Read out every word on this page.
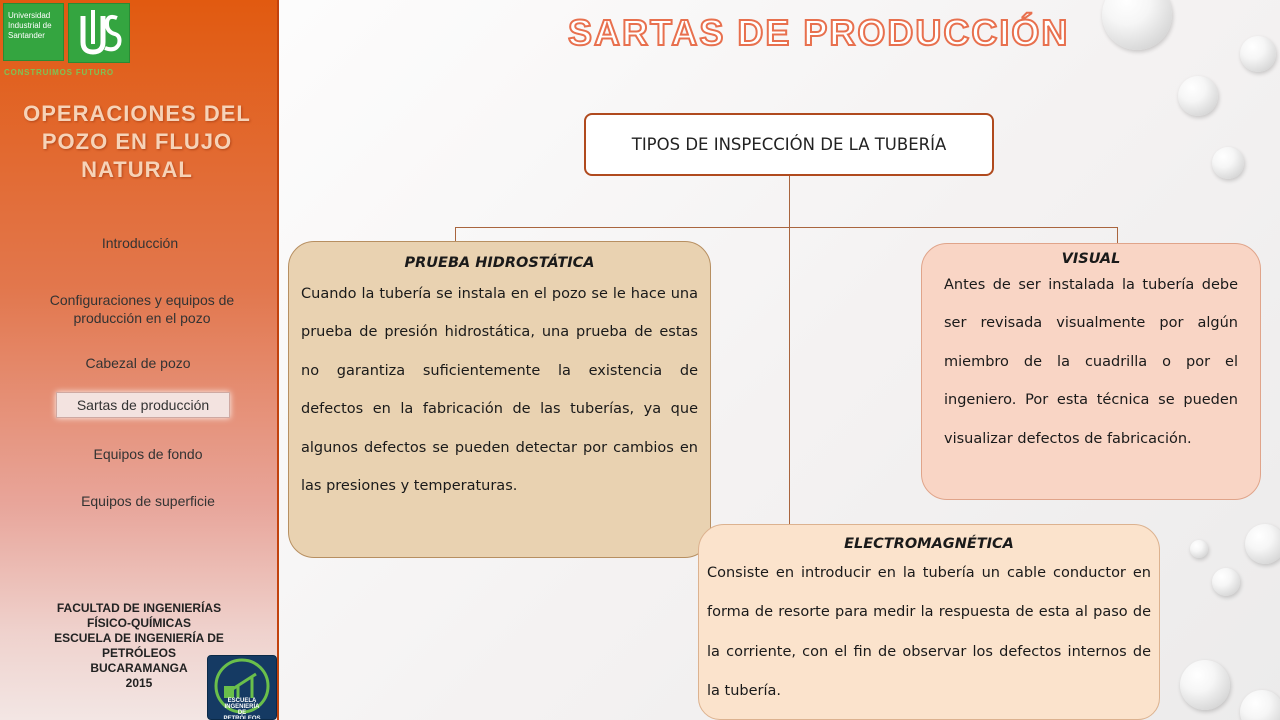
Universidad
Industrial de
Santander
CONSTRUIMOS FUTURO
OPERACIONES DEL
POZO EN FLUJO
NATURAL
Introducción
Configuraciones y equipos de producción en el pozo
Cabezal de pozo
Sartas de producción
Equipos de fondo
Equipos de superficie
FACULTAD DE INGENIERÍAS
FÍSICO-QUÍMICAS
ESCUELA DE INGENIERÍA DE
PETRÓLEOS
BUCARAMANGA
2015
ESCUELA
INGENIERÍA
DE
PETRÓLEOS
SARTAS DE PRODUCCIÓN
TIPOS DE INSPECCIÓN DE LA TUBERÍA
PRUEBA HIDROSTÁTICA

Cuando la tubería se instala en el pozo se le hace una prueba de presión hidrostática, una prueba de estas no garantiza suficientemente la existencia de defectos en la fabricación de las tuberías, ya que algunos defectos se pueden detectar por cambios en las presiones y temperaturas.

VISUAL

Antes de ser instalada la tubería debe ser revisada visualmente por algún miembro de la cuadrilla o por el ingeniero. Por esta técnica se pueden visualizar defectos de fabricación.

ELECTROMAGNÉTICA

Consiste en introducir en la tubería un cable conductor en forma de resorte para medir la respuesta de esta al paso de la corriente, con el fin de observar los defectos internos de la tubería.
